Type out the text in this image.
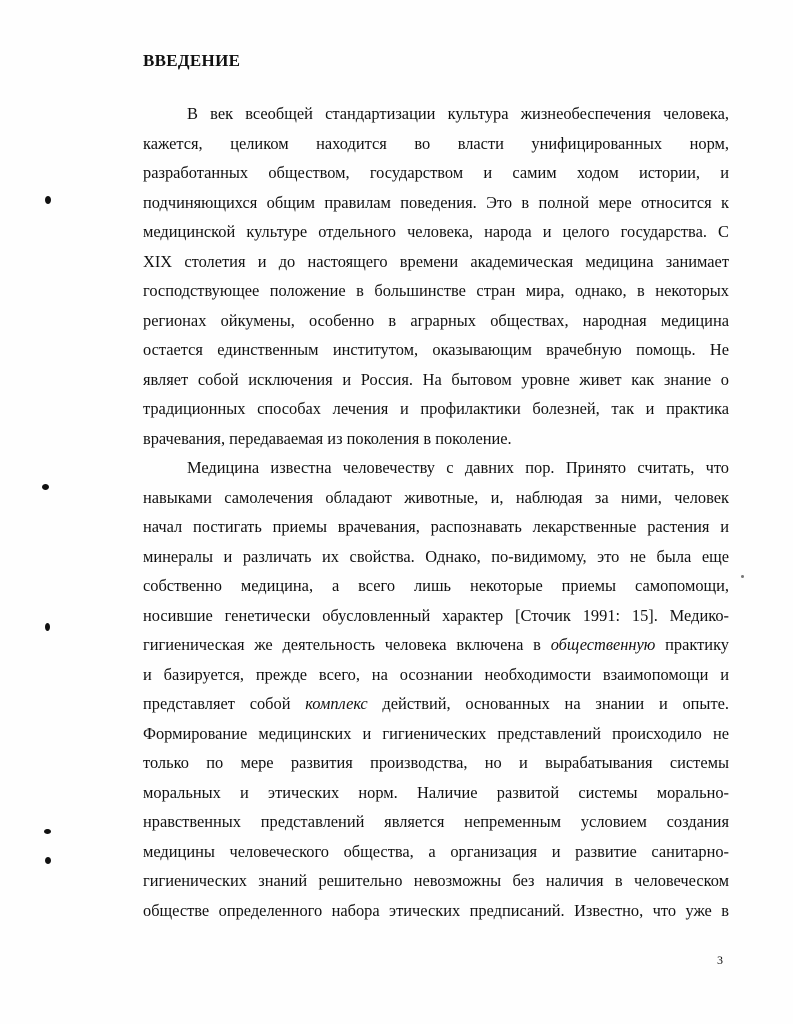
ВВЕДЕНИЕ
В век всеобщей стандартизации культура жизнеобеспечения человека,
кажется, целиком находится во власти унифицированных норм,
разработанных обществом, государством и самим ходом истории, и
подчиняющихся общим правилам поведения. Это в полной мере относится к
медицинской культуре отдельного человека, народа и целого государства. С
XIX столетия и до настоящего времени академическая медицина занимает
господствующее положение в большинстве стран мира, однако, в некоторых
регионах ойкумены, особенно в аграрных обществах, народная медицина
остается единственным институтом, оказывающим врачебную помощь. Не
являет собой исключения и Россия. На бытовом уровне живет как знание о
традиционных способах лечения и профилактики болезней, так и практика
врачевания, передаваемая из поколения в поколение.
Медицина известна человечеству с давних пор. Принято считать, что
навыками самолечения обладают животные, и, наблюдая за ними, человек
начал постигать приемы врачевания, распознавать лекарственные растения и
минералы и различать их свойства. Однако, по-видимому, это не была еще
собственно медицина, а всего лишь некоторые приемы самопомощи,
носившие генетически обусловленный характер [Сточик 1991: 15]. Медико-
гигиеническая же деятельность человека включена в общественную практику
и базируется, прежде всего, на осознании необходимости взаимопомощи и
представляет собой комплекс действий, основанных на знании и опыте.
Формирование медицинских и гигиенических представлений происходило не
только по мере развития производства, но и вырабатывания системы
моральных и этических норм. Наличие развитой системы морально-
нравственных представлений является непременным условием создания
медицины человеческого общества, а организация и развитие санитарно-
гигиенических знаний решительно невозможны без наличия в человеческом
обществе определенного набора этических предписаний. Известно, что уже в
3
